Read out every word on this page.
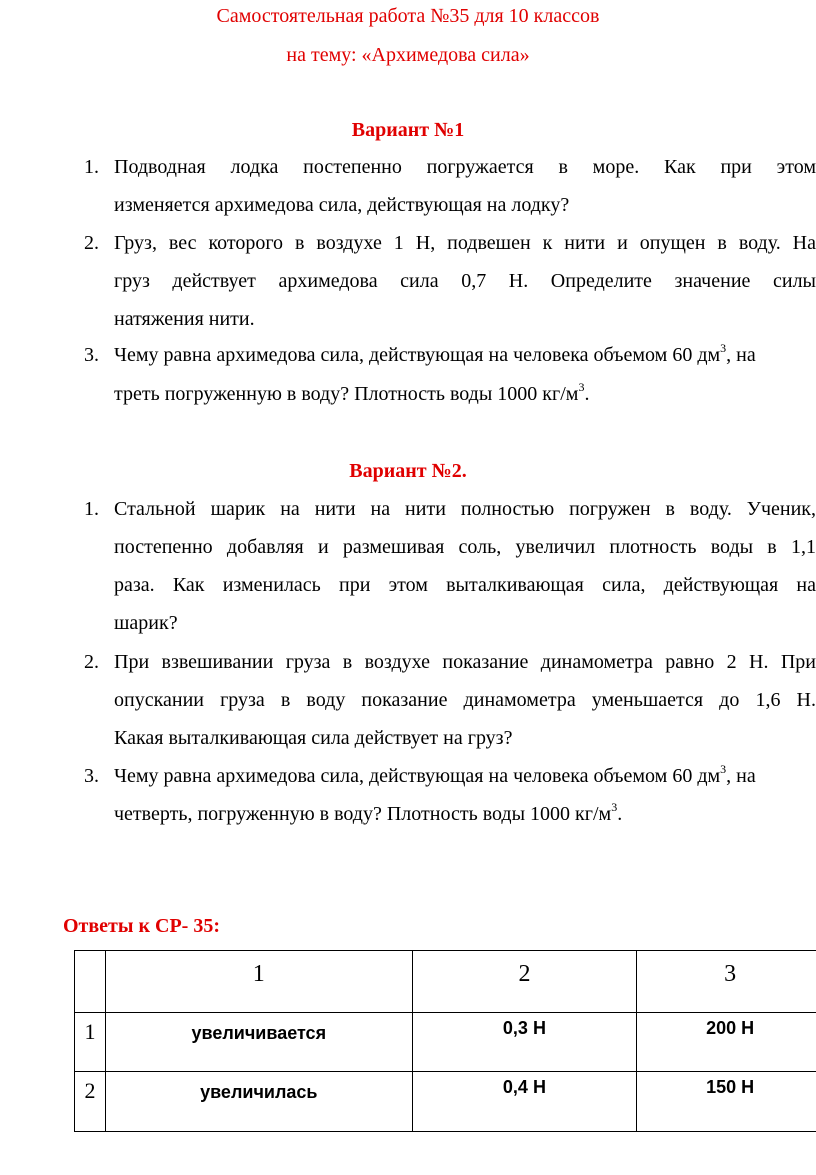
Самостоятельная работа №35 для 10 классов
на тему: «Архимедова сила»
Вариант №1
1. Подводная лодка постепенно погружается в море. Как при этом
изменяется архимедова сила, действующая на лодку?
2. Груз, вес которого в воздухе 1 Н, подвешен к нити и опущен в воду. На
груз действует архимедова сила 0,7 Н. Определите значение силы
натяжения нити.
3. Чему равна архимедова сила, действующая на человека объемом 60 $дм^3$, на
треть погруженную в воду? Плотность воды 1000 $кг/м^3$.
Вариант №2.
1. Стальной шарик на нити на нити полностью погружен в воду. Ученик,
постепенно добавляя и размешивая соль, увеличил плотность воды в 1,1
раза. Как изменилась при этом выталкивающая сила, действующая на
шарик?
2. При взвешивании груза в воздухе показание динамометра равно 2 Н. При
опускании груза в воду показание динамометра уменьшается до 1,6 Н.
Какая выталкивающая сила действует на груз?
3. Чему равна архимедова сила, действующая на человека объемом 60 $дм^3$, на
четверть, погруженную в воду? Плотность воды 1000 $кг/м^3$.
Ответы к СР- 35:
	1	2	3
1	увеличивается	0,3 Н	200 Н
2	увеличилась	0,4 Н	150 Н
